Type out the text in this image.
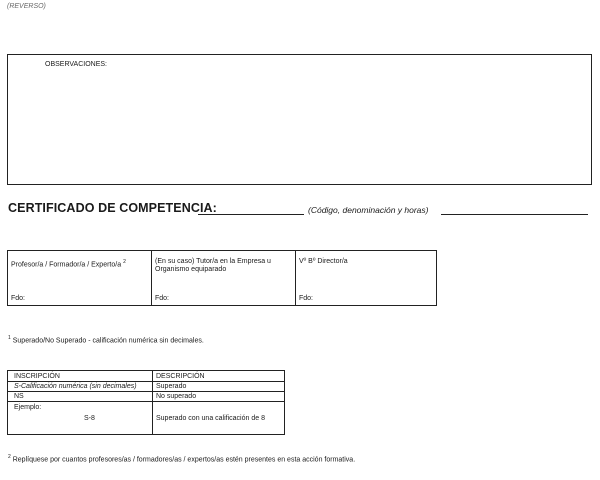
(REVERSO)
OBSERVACIONES:
CERTIFICADO DE COMPETENCIA:	(Código, denominación y horas)
Profesor/a / Formador/a / Experto/a $^2$
Fdo:
(En su caso) Tutor/a en la Empresa u Organismo equiparado
Fdo:
Vº Bº Director/a
Fdo:
$^1$ Superado/No Superado - calificación numérica sin decimales.
INSCRIPCIÓN	DESCRIPCIÓN
S-Calificación numérica (sin decimales)	Superado
NS	No superado
Ejemplo:
S-8	Superado con una calificación de 8
$^2$ Replíquese por cuantos profesores/as / formadores/as / expertos/as estén presentes en esta acción formativa.
